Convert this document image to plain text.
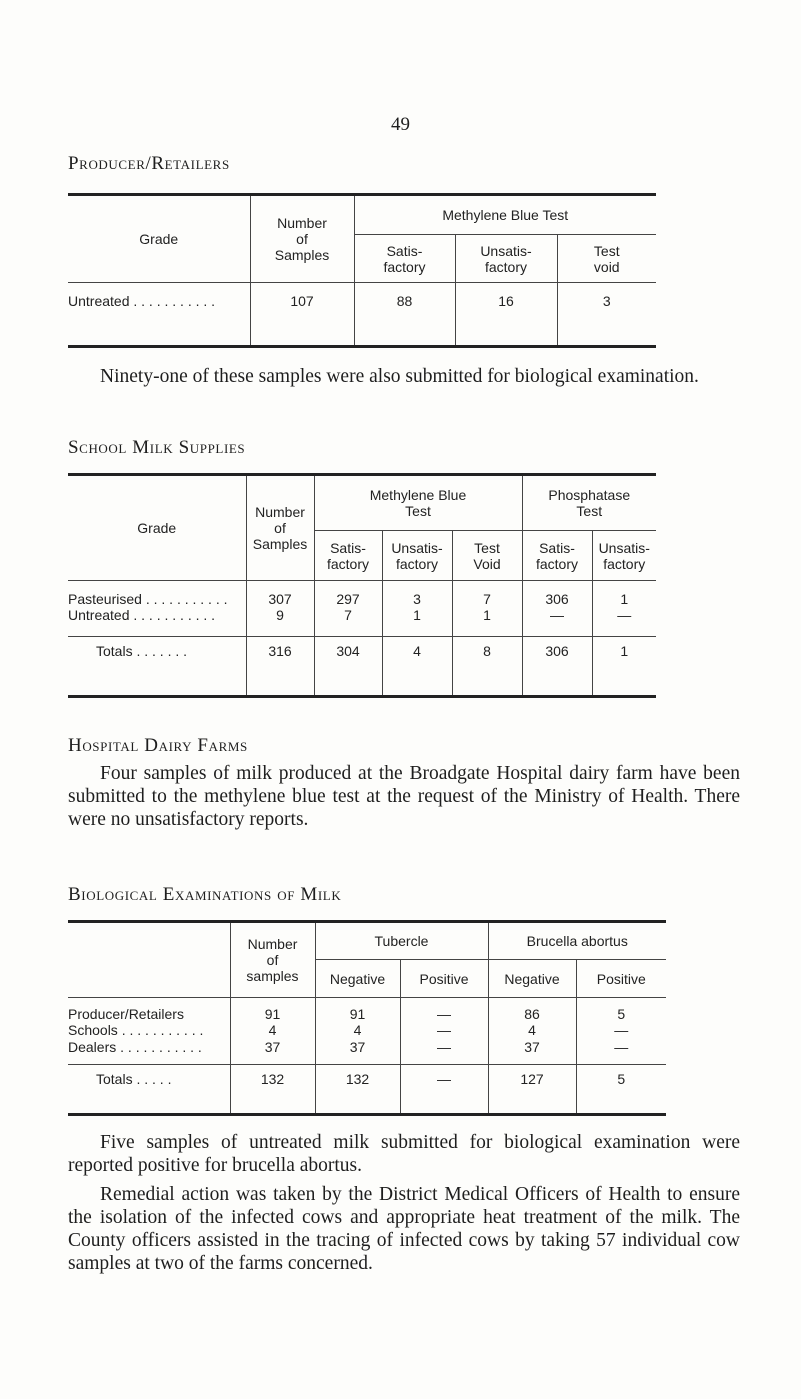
49
Producer/Retailers
Grade	Number
of
Samples	Methylene Blue Test		

		Satis-
factory	Unsatis-
factory	Test
void

Untreated . . .	107	88	16	3

Ninety-one of these samples were also submitted for biological examination.

School Milk Supplies
Grade	Number
of
Samples	Methylene Blue
Test			Phosphatase
Test	

		Satis-
factory	Unsatis-
factory	Test
Void	Satis-
factory	Unsatis-
factory

Pasteurised . . .	307	297	3	7	306	1
Untreated . . .	9	7	1	1	—	—
Totals . . . . . . .	316	304	4	8	306	1
Hospital Dairy Farms

Four samples of milk produced at the Broadgate Hospital dairy farm have been submitted to the methylene blue test at the request of the Ministry of Health. There were no unsatisfactory reports.

Biological Examinations of Milk

	Number
of
samples	Tubercle		Brucella abortus	
		Negative	Positive	Negative	Positive
Producer/Retailers	91	91	—	86	5
Schools . . .	4	4	—	4	—
Dealers . . .	37	37	—	37	—
Totals . . . . .	132	132	—	127	5

Five samples of untreated milk submitted for biological examination were reported positive for brucella abortus.

Remedial action was taken by the District Medical Officers of Health to ensure the isolation of the infected cows and appropriate heat treatment of the milk. The County officers assisted in the tracing of infected cows by taking 57 individual cow samples at two of the farms concerned.
